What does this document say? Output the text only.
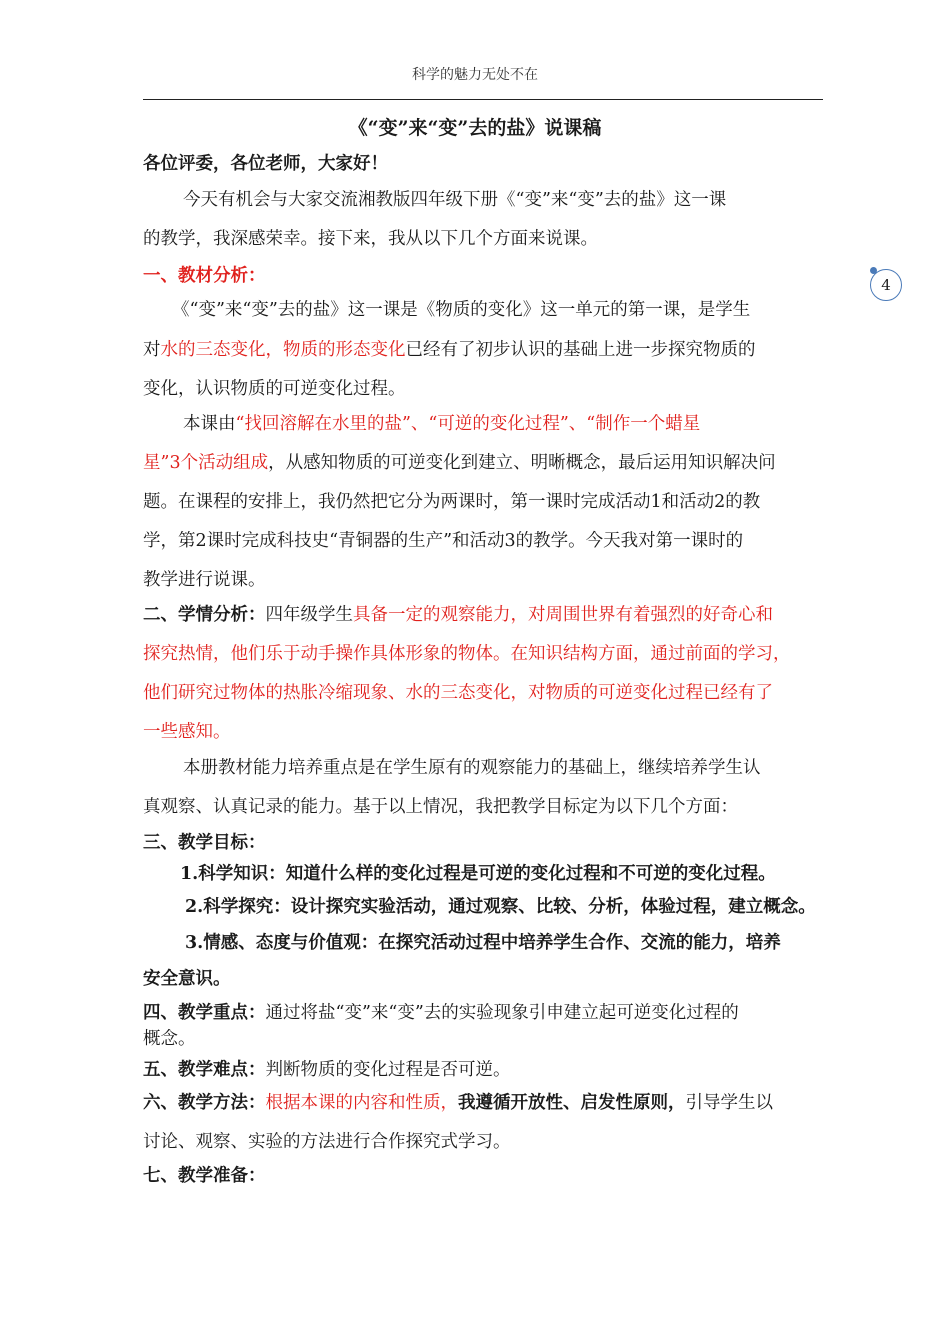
科学的魅力无处不在
4
《“变”来“变”去的盐》说课稿
各位评委，各位老师，大家好！
今天有机会与大家交流湘教版四年级下册《“变”来“变”去的盐》这一课
的教学，我深感荣幸。接下来，我从以下几个方面来说课。
一、教材分析：
《“变”来“变”去的盐》这一课是《物质的变化》这一单元的第一课，是学生
对水的三态变化，物质的形态变化已经有了初步认识的基础上进一步探究物质的
变化，认识物质的可逆变化过程。
本课由“找回溶解在水里的盐”、“可逆的变化过程”、“制作一个蜡星
星”3个活动组成，从感知物质的可逆变化到建立、明晰概念，最后运用知识解决问
题。在课程的安排上，我仍然把它分为两课时，第一课时完成活动1和活动2的教
学，第2课时完成科技史“青铜器的生产”和活动3的教学。今天我对第一课时的
教学进行说课。
二、学情分析：四年级学生具备一定的观察能力，对周围世界有着强烈的好奇心和
探究热情，他们乐于动手操作具体形象的物体。在知识结构方面，通过前面的学习，
他们研究过物体的热胀冷缩现象、水的三态变化，对物质的可逆变化过程已经有了
一些感知。
本册教材能力培养重点是在学生原有的观察能力的基础上，继续培养学生认
真观察、认真记录的能力。基于以上情况，我把教学目标定为以下几个方面：
三、教学目标：
1.科学知识：知道什么样的变化过程是可逆的变化过程和不可逆的变化过程。
2.科学探究：设计探究实验活动，通过观察、比较、分析，体验过程，建立概念。
3.情感、态度与价值观：在探究活动过程中培养学生合作、交流的能力，培养
安全意识。
四、教学重点：通过将盐“变”来“变”去的实验现象引申建立起可逆变化过程的
概念。
五、教学难点：判断物质的变化过程是否可逆。
六、教学方法：根据本课的内容和性质，我遵循开放性、启发性原则，引导学生以
讨论、观察、实验的方法进行合作探究式学习。
七、教学准备：
